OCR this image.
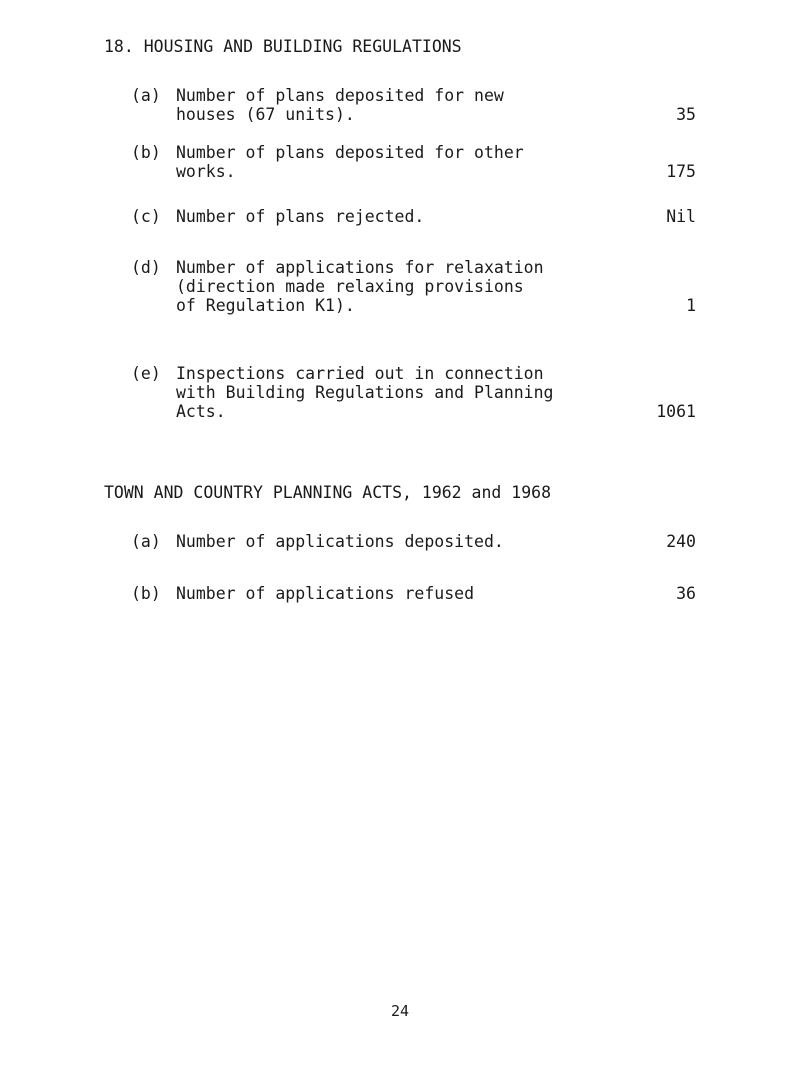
18. HOUSING AND BUILDING REGULATIONS
(a) Number of plans deposited for new
houses (67 units).	35
(b) Number of plans deposited for other
works.	175
(c) Number of plans rejected.	Nil
(d) Number of applications for relaxation
(direction made relaxing provisions
of Regulation K1).	1
(e) Inspections carried out in connection
with Building Regulations and Planning
Acts.	1061
TOWN AND COUNTRY PLANNING ACTS, 1962 and 1968
(a) Number of applications deposited.	240
(b) Number of applications refused	36
24
